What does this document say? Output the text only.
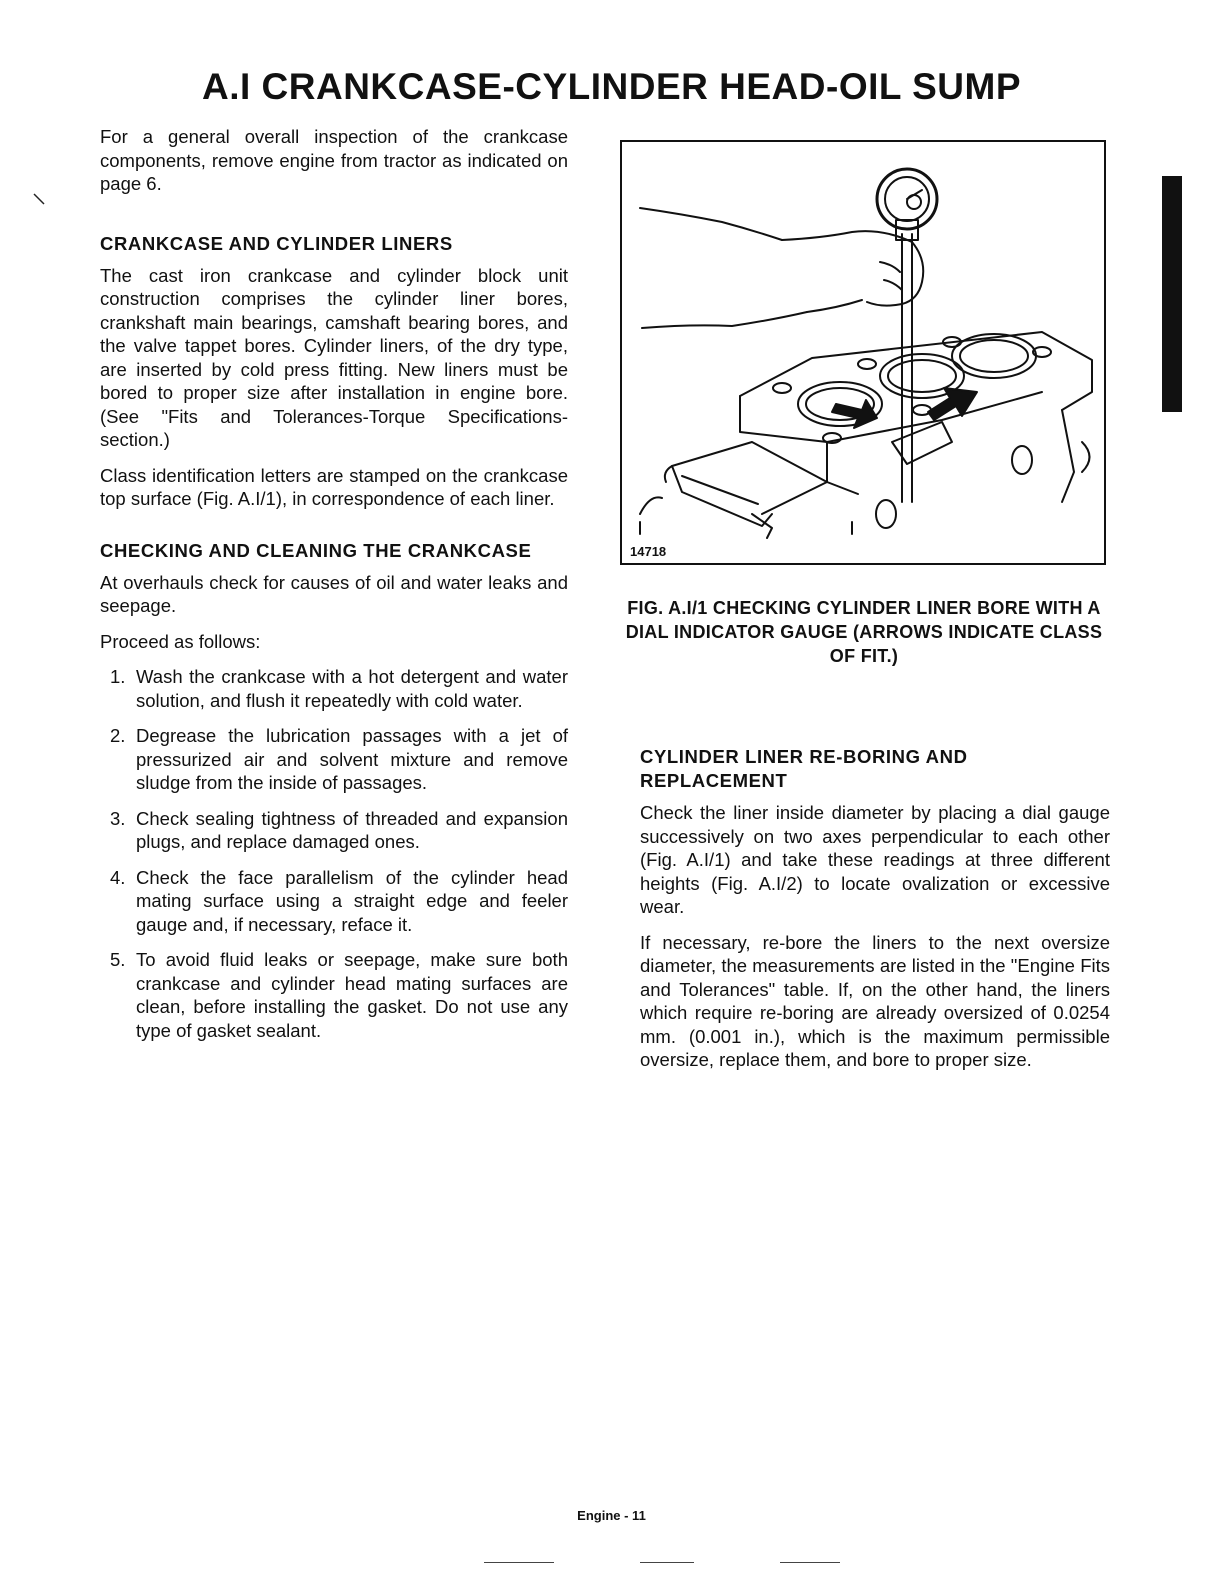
A.I CRANKCASE-CYLINDER HEAD-OIL SUMP

For a general overall inspection of the crankcase components, remove engine from tractor as indicated on page 6.

CRANKCASE AND CYLINDER LINERS

The cast iron crankcase and cylinder block unit construction comprises the cylinder liner bores, crankshaft main bearings, camshaft bearing bores, and the valve tappet bores. Cylinder liners, of the dry type, are inserted by cold press fitting. New liners must be bored to proper size after installation in engine bore. (See "Fits and Tolerances-Torque Specifications-section.)

Class identification letters are stamped on the crankcase top surface (Fig. A.I/1), in correspondence of each liner.

CHECKING AND CLEANING THE CRANKCASE

At overhauls check for causes of oil and water leaks and seepage.

Proceed as follows:

1. Wash the crankcase with a hot detergent and water solution, and flush it repeatedly with cold water.
2. Degrease the lubrication passages with a jet of pressurized air and solvent mixture and remove sludge from the inside of passages.
3. Check sealing tightness of threaded and expansion plugs, and replace damaged ones.
4. Check the face parallelism of the cylinder head mating surface using a straight edge and feeler gauge and, if necessary, reface it.
5. To avoid fluid leaks or seepage, make sure both crankcase and cylinder head mating surfaces are clean, before installing the gasket. Do not use any type of gasket sealant.
14718
FIG. A.I/1 CHECKING CYLINDER LINER BORE WITH A DIAL INDICATOR GAUGE (ARROWS INDICATE CLASS OF FIT.)
CYLINDER LINER RE-BORING AND REPLACEMENT

Check the liner inside diameter by placing a dial gauge successively on two axes perpendicular to each other (Fig. A.I/1) and take these readings at three different heights (Fig. A.I/2) to locate ovalization or excessive wear.

If necessary, re-bore the liners to the next oversize diameter, the measurements are listed in the "Engine Fits and Tolerances" table. If, on the other hand, the liners which require re-boring are already oversized of 0.0254 mm. (0.001 in.), which is the maximum permissible oversize, replace them, and bore to proper size.

Engine - 11
